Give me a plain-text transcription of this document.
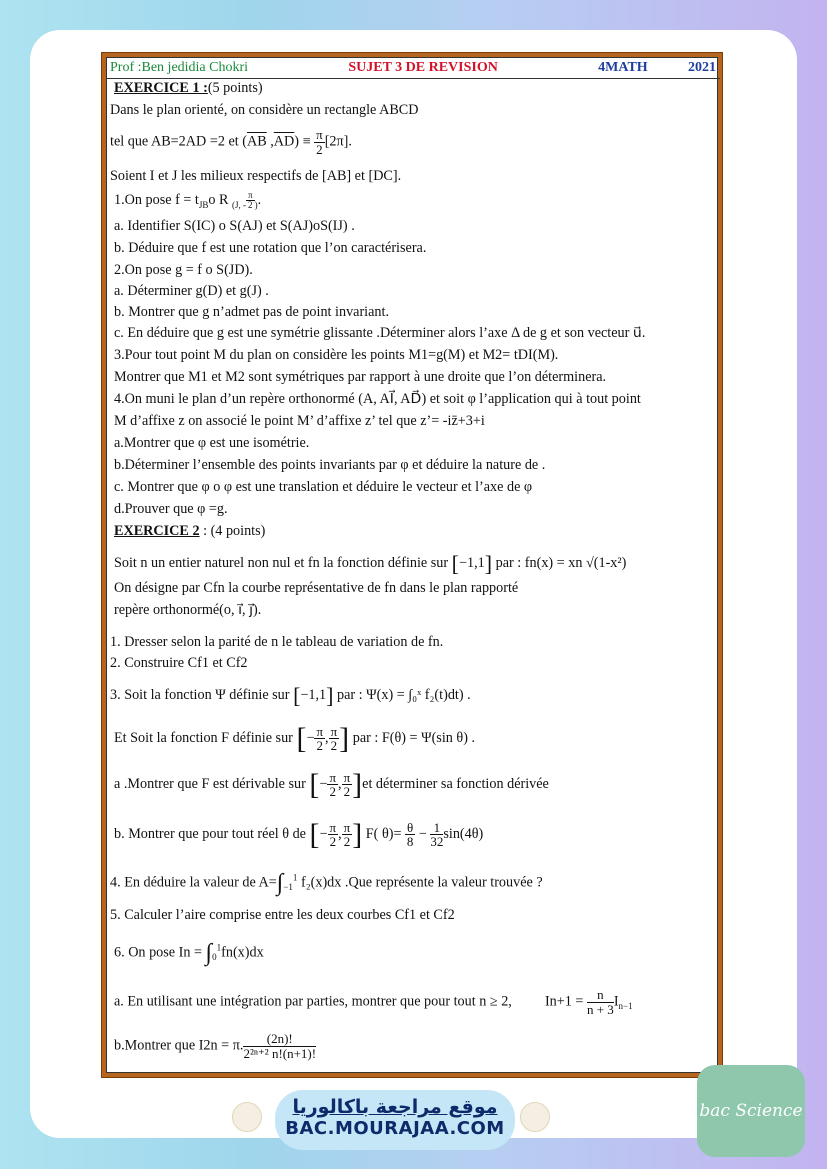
Prof :Ben jedidia Chokri	SUJET 3 DE REVISION	4MATH	2021
EXERCICE 1 :(5 points)
Dans le plan orienté, on considère un rectangle ABCD
tel que AB=2AD =2 et ($\overline{AB}$ $,\overline{AD}) \equiv \frac{\pi}{2} [2\pi]$.
Soient I et J les milieux respectifs de [AB] et [DC].
1.On pose $f = t_{JB}o$ R $_{(J, -} \frac{\pi}{2} _)$.
a. Identifier S(IC) o S(AJ) et S(AJ)oS(IJ) .
b. Déduire que f est une rotation que l’on caractérisera.
2.On pose g = f o S(JD).
a. Déterminer g(D) et g(J) .
b. Montrer que g n’admet pas de point invariant.
c. En déduire que g est une symétrie glissante .Déterminer alors l’axe Δ de g et son vecteur u⃗.
3.Pour tout point M du plan on considère les points M1=g(M) et M2= tDI(M).
Montrer que M1 et M2 sont symétriques par rapport à une droite que l’on déterminera.
4.On muni le plan d’un repère orthonormé (A, AI⃗, AD⃗) et soit φ l’application qui à tout point
M d’affixe z on associé le point M’ d’affixe z’ tel que z’= -iz̄+3+i
a.Montrer que φ est une isométrie.
b.Déterminer l’ensemble des points invariants par φ et déduire la nature de .
c. Montrer que φ o φ est une translation et déduire le vecteur et l’axe de φ
d.Prouver que φ =g.
EXERCICE 2 : (4 points)
Soit n un entier naturel non nul et fn la fonction définie sur [−1,1] par : fn(x) = xn √(1-x²)
On désigne par Cfn la courbe représentative de fn dans le plan rapporté
repère orthonormé(o, i⃗, j⃗).
1. Dresser selon la parité de n le tableau de variation de fn.
2. Construire Cf1 et Cf2
3. Soit la fonction Ψ définie sur [−1,1] par : Ψ(x) = ∫₀ˣ f₂(t)dt) .
Et Soit la fonction F définie sur [− $\frac{\pi}{2}$ , $\frac{\pi}{2}$ ] par : F(θ) = Ψ(sin θ) .
a .Montrer que F est dérivable sur [− $\frac{\pi}{2}$ , $\frac{\pi}{2} ]et$ déterminer sa fonction dérivée
b. Montrer que pour tout réel θ de [− $\frac{\pi}{2}$ , $\frac{\pi}{2}$ ] F( $\theta)= \frac{\theta}{8} - \frac{1}{32} \sin(4\theta)$
4. En déduire la valeur de $A=\int_{-1}^1$ f₂(x)dx .Que représente la valeur trouvée ?
5. Calculer l’aire comprise entre les deux courbes Cf1 et Cf2
6. On pose $In = \int_0^1fn(x)dx$
a. En utilisant une intégration par parties, montrer que pour tout n ≥ 2, $In+1 = \frac{n}{n + 3} I_{n-1}$
b.Montrer que I2n = π. $\frac{(2n)!}{\text{2²ⁿ⁺² n!(n+1)!}}$
موقع مراجعة باكالوريا
BAC.MOURAJAA.COM
bac Science
